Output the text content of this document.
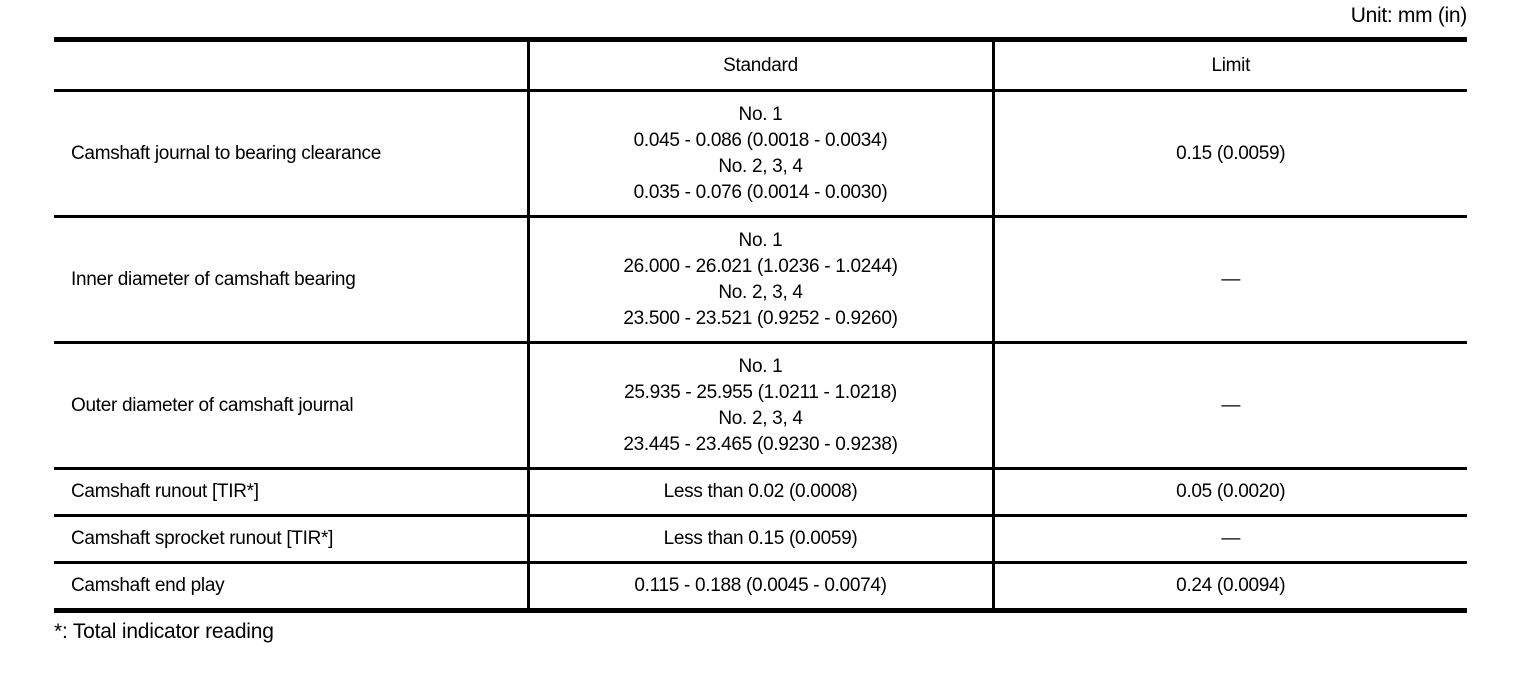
Unit: mm (in)
	Standard	Limit
Camshaft journal to bearing clearance	No. 1
0.045 - 0.086 (0.0018 - 0.0034)
No. 2, 3, 4
0.035 - 0.076 (0.0014 - 0.0030)	0.15 (0.0059)
Inner diameter of camshaft bearing	No. 1
26.000 - 26.021 (1.0236 - 1.0244)
No. 2, 3, 4
23.500 - 23.521 (0.9252 - 0.9260)	—
Outer diameter of camshaft journal	No. 1
25.935 - 25.955 (1.0211 - 1.0218)
No. 2, 3, 4
23.445 - 23.465 (0.9230 - 0.9238)	—
Camshaft runout [TIR*]	Less than 0.02 (0.0008)	0.05 (0.0020)
Camshaft sprocket runout [TIR*]	Less than 0.15 (0.0059)	—
Camshaft end play	0.115 - 0.188 (0.0045 - 0.0074)	0.24 (0.0094)
*: Total indicator reading
